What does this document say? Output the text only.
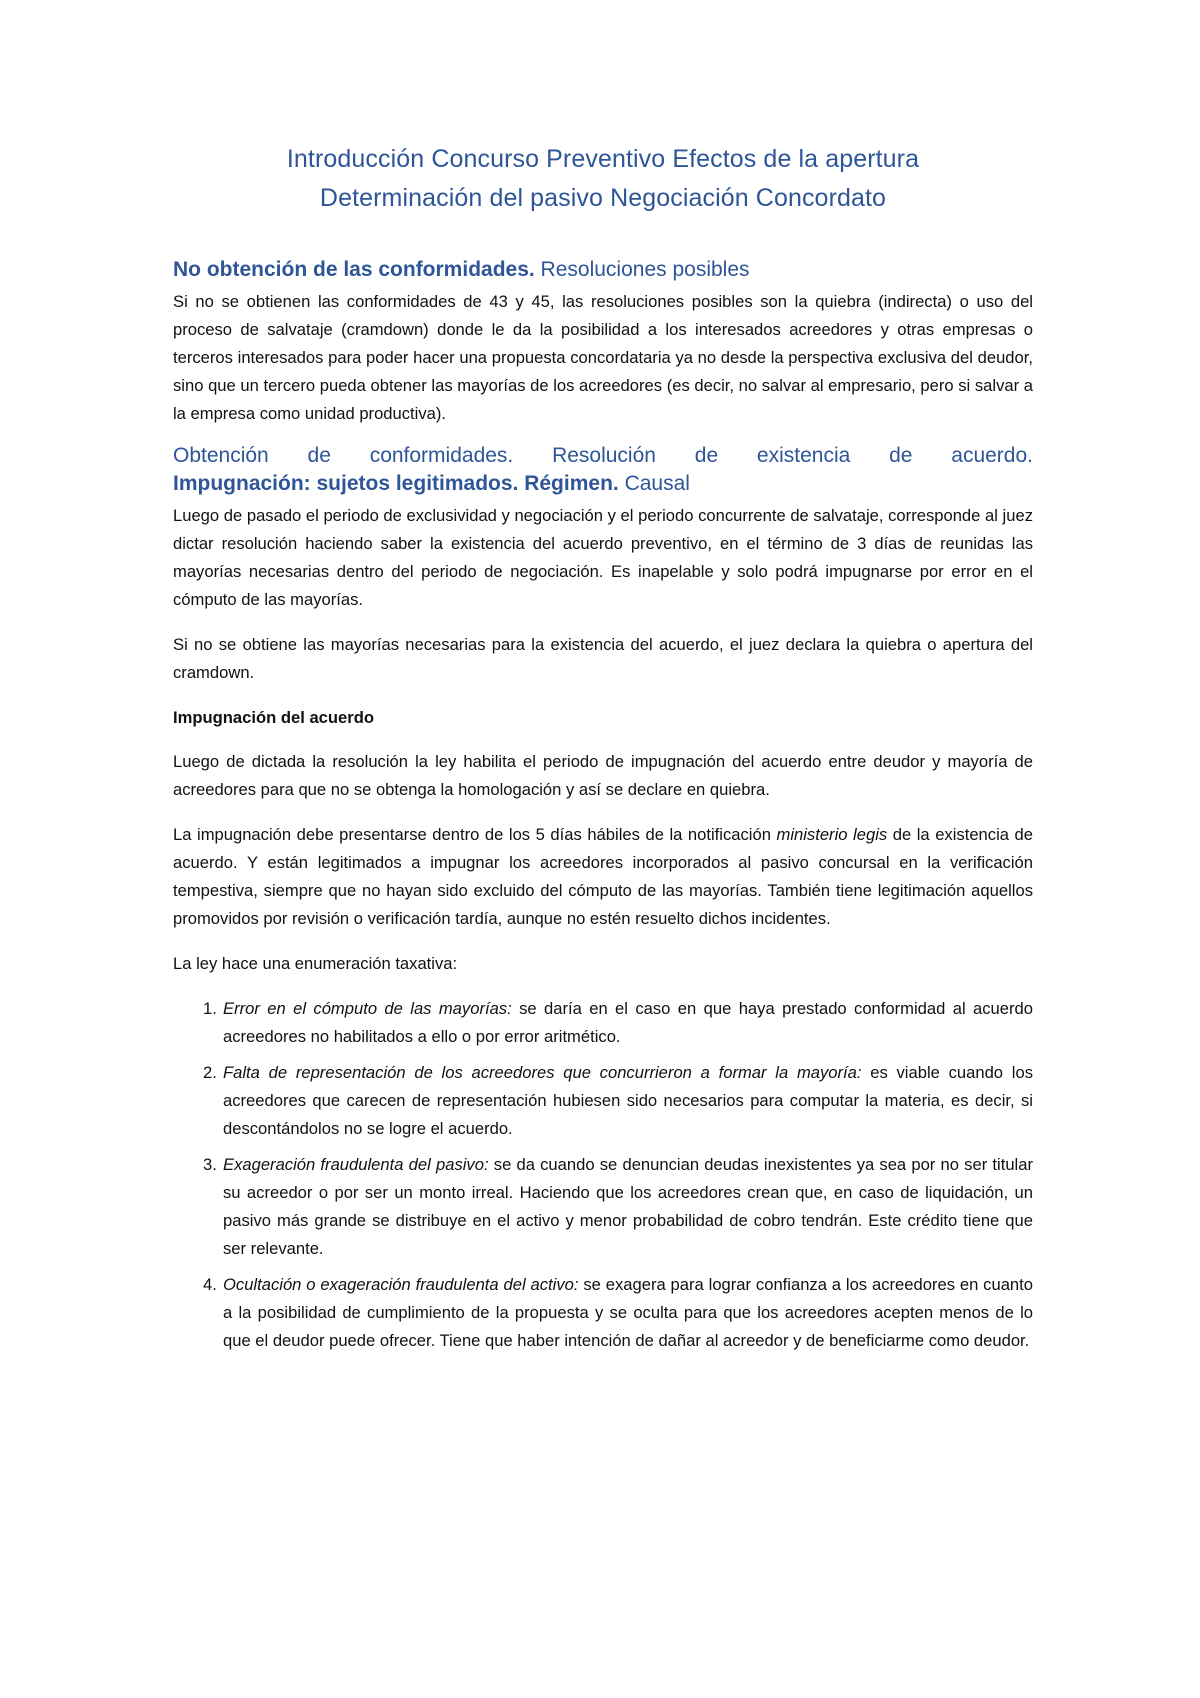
Introducción Concurso Preventivo Efectos de la apertura
Determinación del pasivo Negociación Concordato
No obtención de las conformidades. Resoluciones posibles

Si no se obtienen las conformidades de 43 y 45, las resoluciones posibles son la quiebra (indirecta) o uso del proceso de salvataje (cramdown) donde le da la posibilidad a los interesados acreedores y otras empresas o terceros interesados para poder hacer una propuesta concordataria ya no desde la perspectiva exclusiva del deudor, sino que un tercero pueda obtener las mayorías de los acreedores (es decir, no salvar al empresario, pero si salvar a la empresa como unidad productiva).

Obtención de conformidades. Resolución de existencia de acuerdo.
Impugnación: sujetos legitimados. Régimen. Causal

Luego de pasado el periodo de exclusividad y negociación y el periodo concurrente de salvataje, corresponde al juez dictar resolución haciendo saber la existencia del acuerdo preventivo, en el término de 3 días de reunidas las mayorías necesarias dentro del periodo de negociación. Es inapelable y solo podrá impugnarse por error en el cómputo de las mayorías.

Si no se obtiene las mayorías necesarias para la existencia del acuerdo, el juez declara la quiebra o apertura del cramdown.

Impugnación del acuerdo

Luego de dictada la resolución la ley habilita el periodo de impugnación del acuerdo entre deudor y mayoría de acreedores para que no se obtenga la homologación y así se declare en quiebra.

La impugnación debe presentarse dentro de los 5 días hábiles de la notificación ministerio legis de la existencia de acuerdo. Y están legitimados a impugnar los acreedores incorporados al pasivo concursal en la verificación tempestiva, siempre que no hayan sido excluido del cómputo de las mayorías. También tiene legitimación aquellos promovidos por revisión o verificación tardía, aunque no estén resuelto dichos incidentes.

La ley hace una enumeración taxativa:

1. Error en el cómputo de las mayorías: se daría en el caso en que haya prestado conformidad al acuerdo acreedores no habilitados a ello o por error aritmético.
2. Falta de representación de los acreedores que concurrieron a formar la mayoría: es viable cuando los acreedores que carecen de representación hubiesen sido necesarios para computar la materia, es decir, si descontándolos no se logre el acuerdo.
3. Exageración fraudulenta del pasivo: se da cuando se denuncian deudas inexistentes ya sea por no ser titular su acreedor o por ser un monto irreal. Haciendo que los acreedores crean que, en caso de liquidación, un pasivo más grande se distribuye en el activo y menor probabilidad de cobro tendrán. Este crédito tiene que ser relevante.
4. Ocultación o exageración fraudulenta del activo: se exagera para lograr confianza a los acreedores en cuanto a la posibilidad de cumplimiento de la propuesta y se oculta para que los acreedores acepten menos de lo que el deudor puede ofrecer. Tiene que haber intención de dañar al acreedor y de beneficiarme como deudor.
